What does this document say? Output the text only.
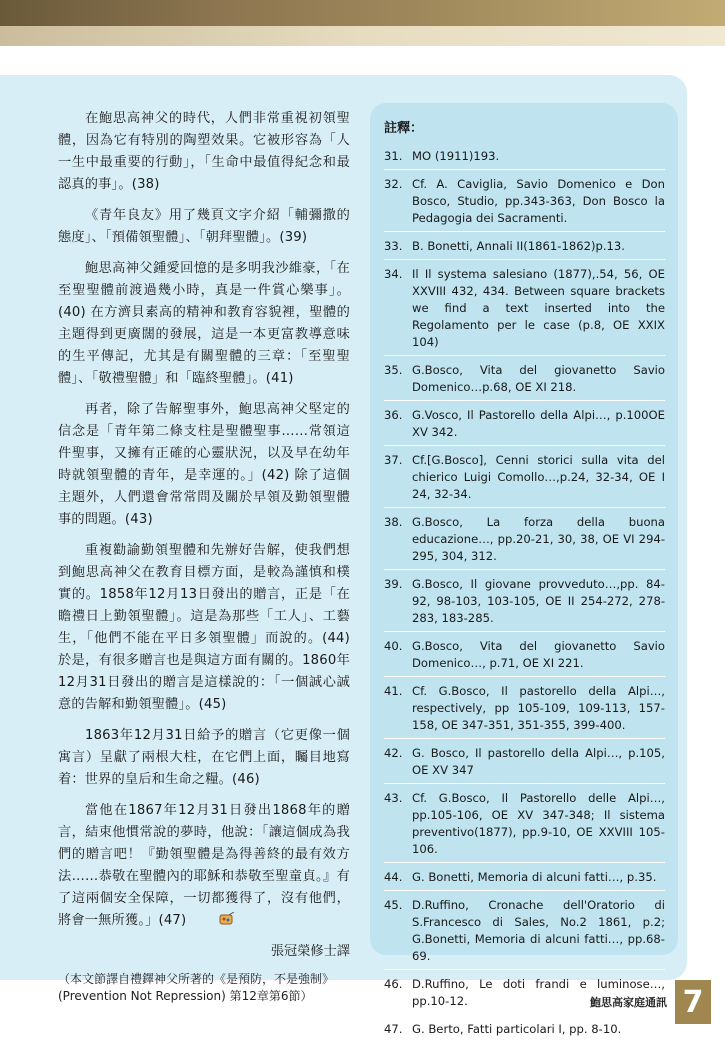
在鮑思高神父的時代，人們非常重視初領聖體，因為它有特別的陶塑效果。它被形容為「人一生中最重要的行動」，「生命中最值得紀念和最認真的事」。(38)

《青年良友》用了幾頁文字介紹「輔彌撒的態度」、「預備領聖體」、「朝拜聖體」。(39)

鮑思高神父鍾愛回憶的是多明我沙維豪，「在至聖聖體前渡過幾小時，真是一件賞心樂事」。(40) 在方濟貝素高的精神和教育容貌裡，聖體的主題得到更廣闊的發展，這是一本更富教導意味的生平傳記，尤其是有關聖體的三章：「至聖聖體」、「敬禮聖體」和「臨終聖體」。(41)

再者，除了告解聖事外，鮑思高神父堅定的信念是「青年第二條支柱是聖體聖事……常領這件聖事，又擁有正確的心靈狀況，以及早在幼年時就領聖體的青年，是幸運的。」(42) 除了這個主題外，人們還會常常問及關於早領及勤領聖體事的問題。(43)

重複勸諭勤領聖體和先辦好告解，使我們想到鮑思高神父在教育目標方面，是較為謹慎和樸實的。1858年12月13日發出的贈言，正是「在瞻禮日上勤領聖體」。這是為那些「工人」、工藝生，「他們不能在平日多領聖體」而說的。(44) 於是，有很多贈言也是與這方面有關的。1860年12月31日發出的贈言是這樣說的：「一個誠心誠意的告解和勤領聖體」。(45)

1863年12月31日給予的贈言（它更像一個寓言）呈獻了兩根大柱，在它們上面，矚目地寫着：世界的皇后和生命之糧。(46)

當他在1867年12月31日發出1868年的贈言，結束他慣常說的夢時，他說：「讓這個成為我們的贈言吧！『勤領聖體是為得善終的最有效方法……恭敬在聖體內的耶穌和恭敬至聖童貞。』有了這兩個安全保障，一切都獲得了，沒有他們，將會一無所獲。」(47)

張冠榮修士譯
（本文節譯自禮鐸神父所著的《是預防，不是強制》(Prevention Not Repression) 第12章第6節）
註釋：
31. MO (1911)193.
32. Cf. A. Caviglia, Savio Domenico e Don Bosco, Studio, pp.343-363, Don Bosco la Pedagogia dei Sacramenti.
33. B. Bonetti, Annali II(1861-1862)p.13.
34. Il Il systema salesiano (1877),.54, 56, OE XXVIII 432, 434. Between square brackets we find a text inserted into the Regolamento per le case (p.8, OE XXIX 104)
35. G.Bosco, Vita del giovanetto Savio Domenico…p.68, OE XI 218.
36. G.Vosco, Il Pastorello della Alpi…, p.100OE XV 342.
37. Cf.[G.Bosco], Cenni storici sulla vita del chierico Luigi Comollo…,p.24, 32-34, OE I 24, 32-34.
38. G.Bosco, La forza della buona educazione…, pp.20-21, 30, 38, OE VI 294-295, 304, 312.
39. G.Bosco, Il giovane provveduto…,pp. 84-92, 98-103, 103-105, OE II 254-272, 278-283, 183-285.
40. G.Bosco, Vita del giovanetto Savio Domenico…, p.71, OE XI 221.
41. Cf. G.Bosco, Il pastorello della Alpi…, respectively, pp 105-109, 109-113, 157-158, OE 347-351, 351-355, 399-400.
42. G. Bosco, Il pastorello della Alpi…, p.105, OE XV 347
43. Cf. G.Bosco, Il Pastorello delle Alpi…, pp.105-106, OE XV 347-348; Il sistema preventivo(1877), pp.9-10, OE XXVIII 105-106.
44. G. Bonetti, Memoria di alcuni fatti…, p.35.
45. D.Ruffino, Cronache dell'Oratorio di S.Francesco di Sales, No.2 1861, p.2; G.Bonetti, Memoria di alcuni fatti…, pp.68-69.
46. D.Ruffino, Le doti frandi e luminose…, pp.10-12.
47. G. Berto, Fatti particolari I, pp. 8-10.
鮑思高家庭通訊 7
